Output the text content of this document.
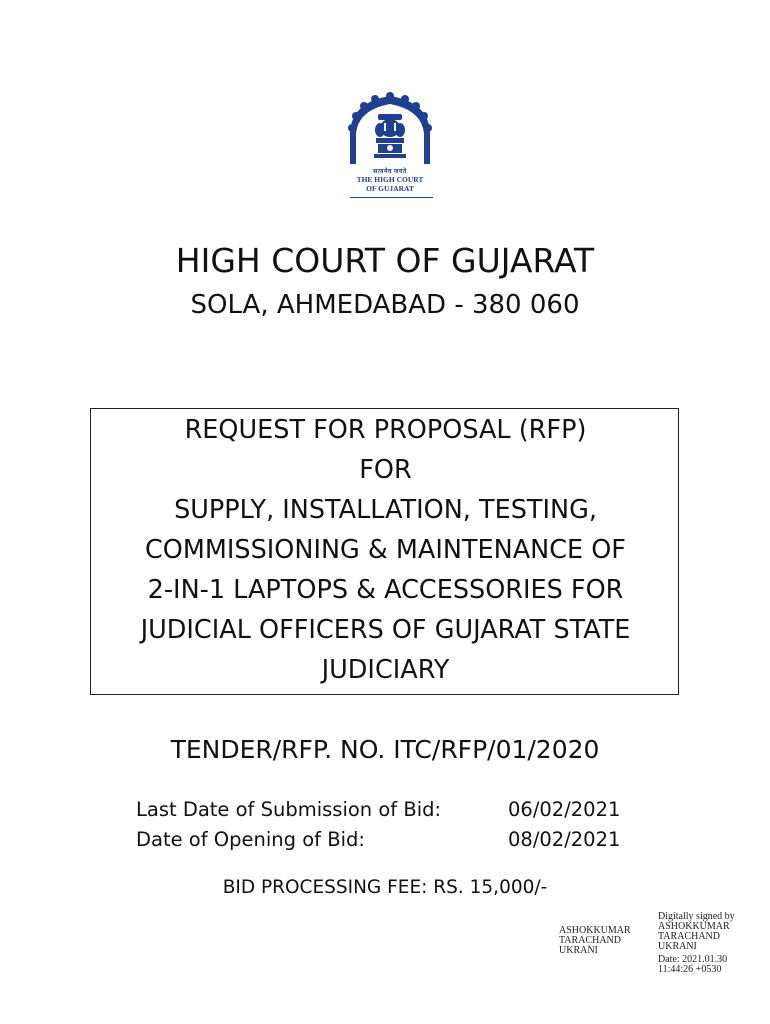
सत्यमेव जयते
THE HIGH COURT
OF GUJARAT
HIGH COURT OF GUJARAT
SOLA, AHMEDABAD - 380 060
REQUEST FOR PROPOSAL (RFP)
FOR
SUPPLY, INSTALLATION, TESTING,
COMMISSIONING & MAINTENANCE OF
2-IN-1 LAPTOPS & ACCESSORIES FOR
JUDICIAL OFFICERS OF GUJARAT STATE
JUDICIARY
TENDER/RFP. NO. ITC/RFP/01/2020
Last Date of Submission of Bid:	06/02/2021
Date of Opening of Bid:	08/02/2021
BID PROCESSING FEE: RS. 15,000/-
ASHOKKUMAR
TARACHAND
UKRANI
Digitally signed by
ASHOKKUMAR
TARACHAND
UKRANI
Date: 2021.01.30
11:44:26 +0530
